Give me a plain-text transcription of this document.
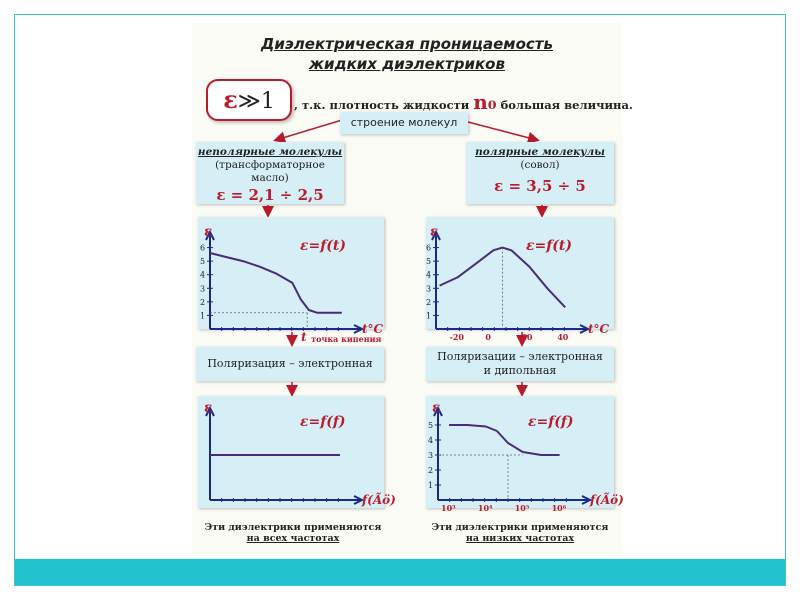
Диэлектрическая проницаемость
жидких диэлектриков
ε≫1	, т.к. плотность жидкости n₀ большая величина.
строение молекул
неполярные молекулы
(трансформаторное
масло)
ε = 2,1 ÷ 2,5
полярные молекулы
(совол)
ε = 3,5 ÷ 5
ε
ε=f(t)
t°C
1
2
3
4
5
6
t точка кипения
ε
ε=f(t)
t°C
1
2
3
4
5
6
-20	0	20	40
ε
ε=f(f)
f(Ãö)
ε
ε=f(f)
f(Ãö)
1
2
3
4
5
10³	10⁴	10⁵	10⁶
Поляризация – электронная
Поляризации – электронная
и дипольная
Эти диэлектрики применяются
на всех частотах
Эти диэлектрики применяются
на низких частотах
